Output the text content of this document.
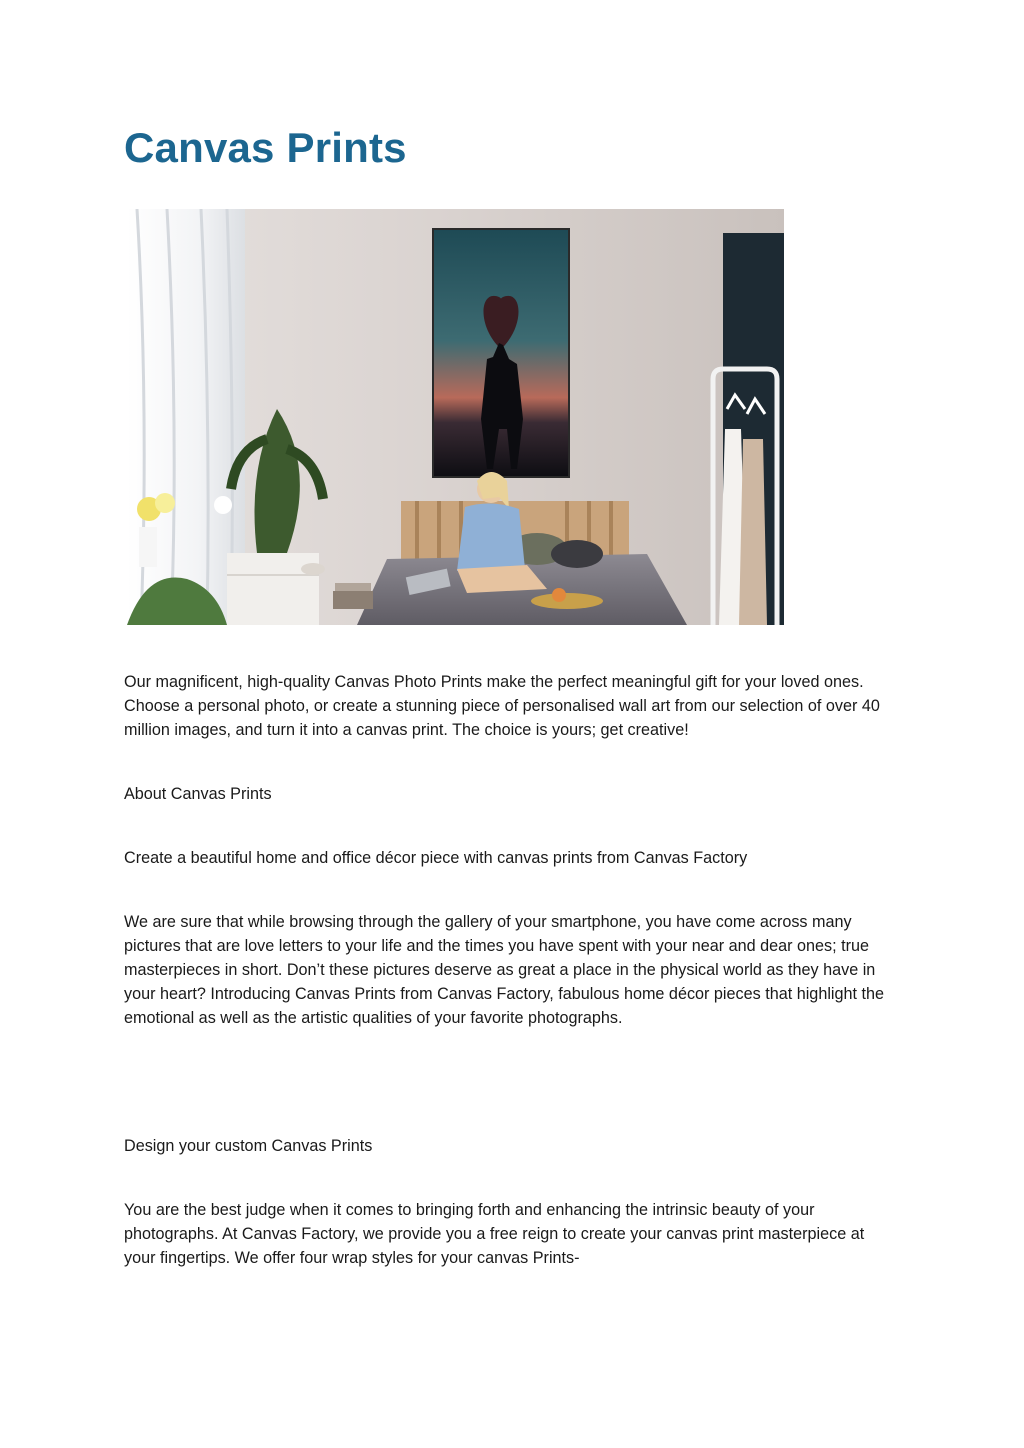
Canvas Prints

Our magnificent, high-quality Canvas Photo Prints make the perfect meaningful gift for your loved ones. Choose a personal photo, or create a stunning piece of personalised wall art from our selection of over 40 million images, and turn it into a canvas print. The choice is yours; get creative!

About Canvas Prints

Create a beautiful home and office décor piece with canvas prints from Canvas Factory

We are sure that while browsing through the gallery of your smartphone, you have come across many pictures that are love letters to your life and the times you have spent with your near and dear ones; true masterpieces in short. Don’t these pictures deserve as great a place in the physical world as they have in your heart? Introducing Canvas Prints from Canvas Factory, fabulous home décor pieces that highlight the emotional as well as the artistic qualities of your favorite photographs.

Design your custom Canvas Prints

You are the best judge when it comes to bringing forth and enhancing the intrinsic beauty of your photographs. At Canvas Factory, we provide you a free reign to create your canvas print masterpiece at your fingertips. We offer four wrap styles for your canvas Prints-
